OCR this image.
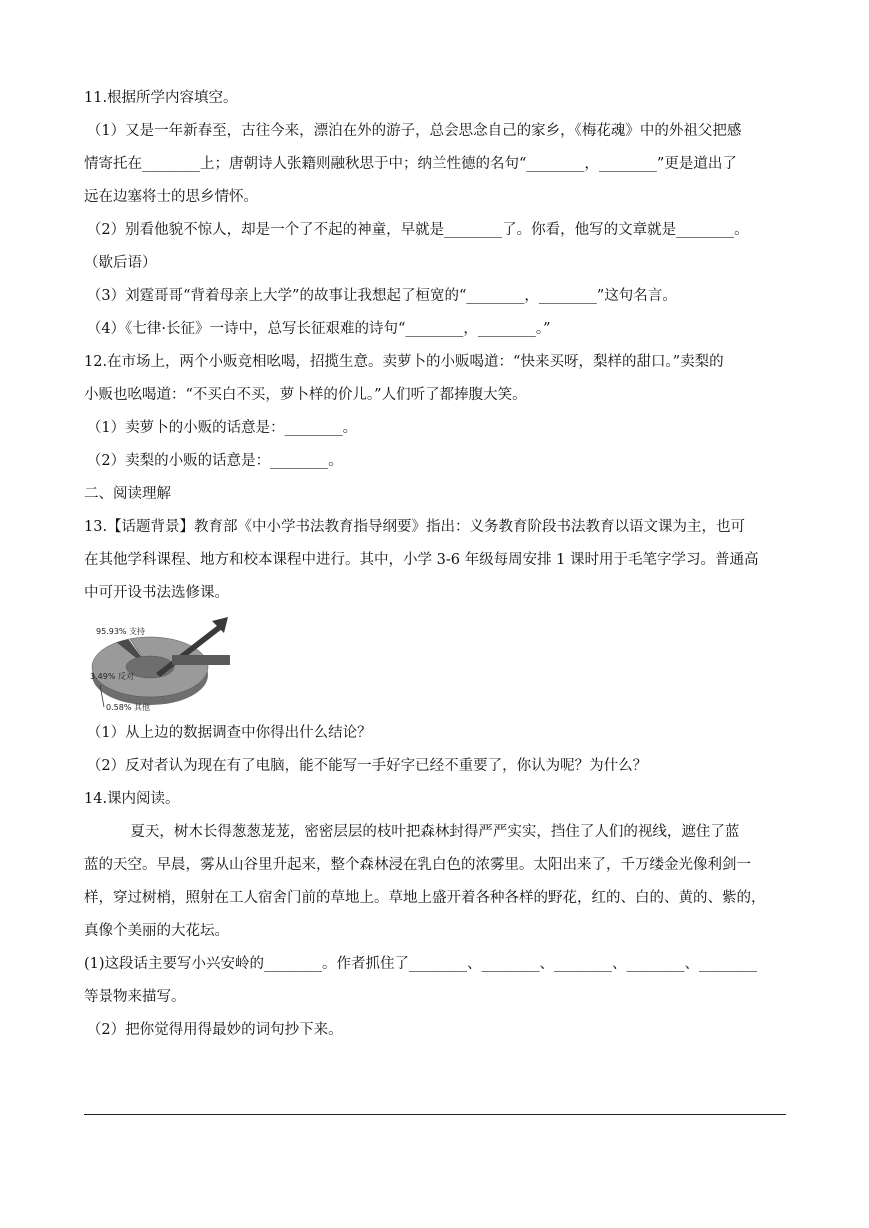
11.根据所学内容填空。

（1）又是一年新春至，古往今来，漂泊在外的游子，总会思念自己的家乡，《梅花魂》中的外祖父把感

情寄托在________上；唐朝诗人张籍则融秋思于中；纳兰性德的名句“________，________”更是道出了

远在边塞将士的思乡情怀。

（2）别看他貌不惊人，却是一个了不起的神童，早就是________了。你看，他写的文章就是________。

（歇后语）

（3）刘霆哥哥“背着母亲上大学”的故事让我想起了桓宽的“________，________”这句名言。

（4）《七律·长征》一诗中，总写长征艰难的诗句“________，________。”

12.在市场上，两个小贩竞相吆喝，招揽生意。卖萝卜的小贩喝道：“快来买呀，梨样的甜口。”卖梨的

小贩也吆喝道：“不买白不买，萝卜样的价儿。”人们听了都捧腹大笑。

（1）卖萝卜的小贩的话意是：________。

（2）卖梨的小贩的话意是：________。

二、阅读理解

13.【话题背景】教育部《中小学书法教育指导纲要》指出：义务教育阶段书法教育以语文课为主，也可

在其他学科课程、地方和校本课程中进行。其中，小学 3-6 年级每周安排 1 课时用于毛笔字学习。普通高

中可开设书法选修课。

95.93% 支持
3.49% 反对
0.58% 其他

（1）从上边的数据调查中你得出什么结论？

（2）反对者认为现在有了电脑，能不能写一手好字已经不重要了，你认为呢？为什么？

14.课内阅读。

夏天，树木长得葱葱茏茏，密密层层的枝叶把森林封得严严实实，挡住了人们的视线，遮住了蓝

蓝的天空。早晨，雾从山谷里升起来，整个森林浸在乳白色的浓雾里。太阳出来了，千万缕金光像利剑一

样，穿过树梢，照射在工人宿舍门前的草地上。草地上盛开着各种各样的野花，红的、白的、黄的、紫的，

真像个美丽的大花坛。

(1)这段话主要写小兴安岭的________。作者抓住了________、________、________、________、________

等景物来描写。

（2）把你觉得用得最妙的词句抄下来。
